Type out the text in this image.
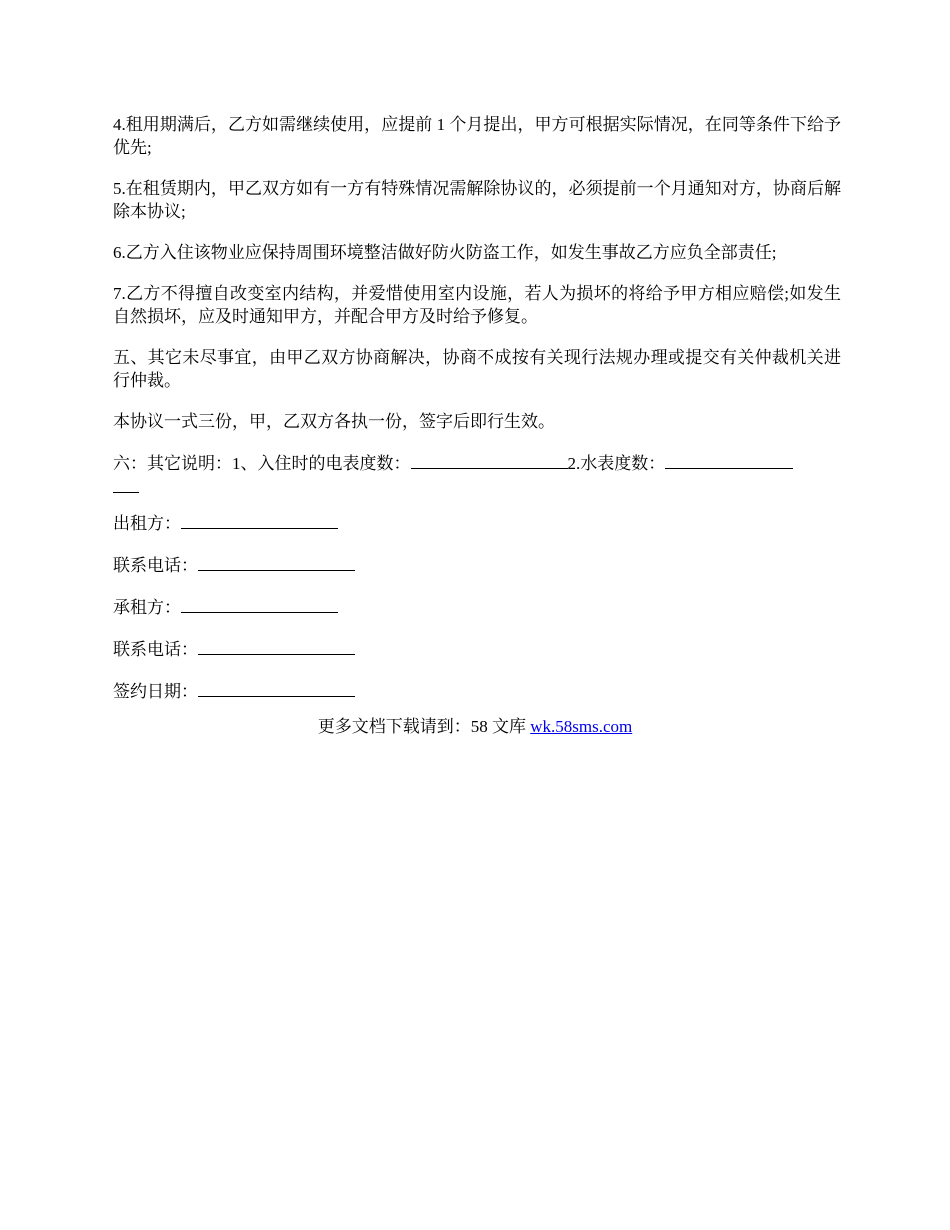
4.租用期满后，乙方如需继续使用，应提前 1 个月提出，甲方可根据实际情况，在同等条件下给予优先;

5.在租赁期内，甲乙双方如有一方有特殊情况需解除协议的，必须提前一个月通知对方，协商后解除本协议;

6.乙方入住该物业应保持周围环境整洁做好防火防盗工作，如发生事故乙方应负全部责任;

7.乙方不得擅自改变室内结构，并爱惜使用室内设施，若人为损坏的将给予甲方相应赔偿;如发生自然损坏，应及时通知甲方，并配合甲方及时给予修复。

五、其它未尽事宜，由甲乙双方协商解决，协商不成按有关现行法规办理或提交有关仲裁机关进行仲裁。

本协议一式三份，甲，乙双方各执一份，签字后即行生效。

六：其它说明：1、入住时的电表度数：	2.水表度数：
出租方：
联系电话：
承租方：
联系电话：
签约日期：
更多文档下载请到：58 文库 wk.58sms.com
